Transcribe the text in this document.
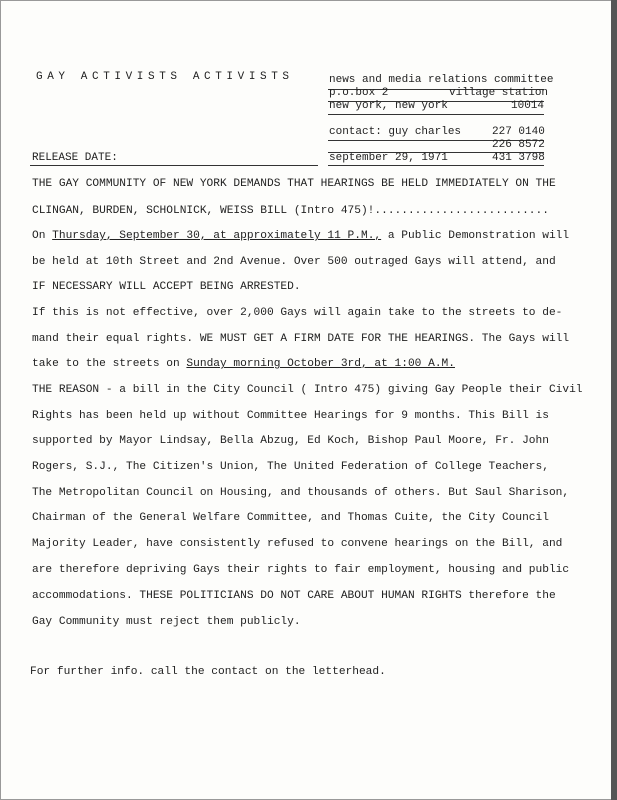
GAY ACTIVISTS ACTIVISTS	news and media relations committee
p.o.box 2	village station
new york, new york	10014
contact: guy charles	227 0140
226 8572
RELEASE DATE:	september 29, 1971	431 3798
THE GAY COMMUNITY OF NEW YORK DEMANDS THAT HEARINGS BE HELD IMMEDIATELY ON THE
CLINGAN, BURDEN, SCHOLNICK, WEISS BILL (Intro 475)!..........................
On Thursday, September 30, at approximately 11 P.M., a Public Demonstration will
be held at 10th Street and 2nd Avenue. Over 500 outraged Gays will attend, and
IF NECESSARY WILL ACCEPT BEING ARRESTED.
If this is not effective, over 2,000 Gays will again take to the streets to de-
mand their equal rights. WE MUST GET A FIRM DATE FOR THE HEARINGS. The Gays will
take to the streets on Sunday morning October 3rd, at 1:00 A.M.
THE REASON - a bill in the City Council ( Intro 475) giving Gay People their Civil
Rights has been held up without Committee Hearings for 9 months. This Bill is
supported by Mayor Lindsay, Bella Abzug, Ed Koch, Bishop Paul Moore, Fr. John
Rogers, S.J., The Citizen's Union, The United Federation of College Teachers,
The Metropolitan Council on Housing, and thousands of others. But Saul Sharison,
Chairman of the General Welfare Committee, and Thomas Cuite, the City Council
Majority Leader, have consistently refused to convene hearings on the Bill, and
are therefore depriving Gays their rights to fair employment, housing and public
accommodations. THESE POLITICIANS DO NOT CARE ABOUT HUMAN RIGHTS therefore the
Gay Community must reject them publicly.
For further info. call the contact on the letterhead.
